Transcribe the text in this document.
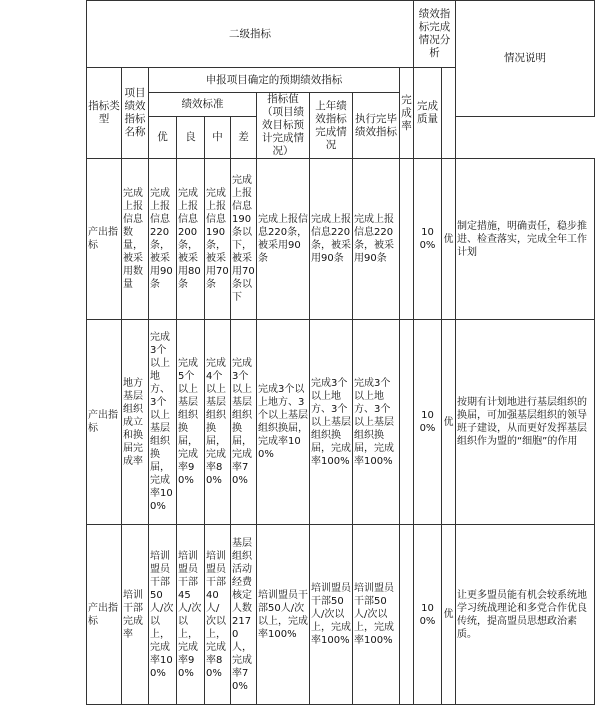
二级指标										绩效指标完成情况分析		情况说明
指标类型	项目绩效指标名称	申报项目确定的预期绩效指标							完成率	完成质量		
		绩效标准				指标值（项目绩效目标预计完成情况）	上年绩效指标完成情况	执行完毕绩效指标				
		优	良	中	差							
产出指标	完成上报信息数量，被采用数量	完成上报信息220条，被采用90条	完成上报信息200条，被采用80条	完成上报信息190条，被采用70条	完成上报信息190条以下，被采用70条以下	完成上报信息220条，被采用90条	完成上报信息220条，被采用90条	完成上报信息220条，被采用90条		100%	优	制定措施，明确责任，稳步推进、检查落实，完成全年工作计划
产出指标	地方基层组织成立和换届完成率	完成3个以上地方、3个以上基层组织换届，完成率100%	完成5个以上基层组织换届，完成率90%	完成4个以上基层组织换届，完成率80%	完成3个以上基层组织换届，完成率70%	完成3个以上地方、3个以上基层组织换届，完成率100%	完成3个以上地方、3个以上基层组织换届，完成率100%	完成3个以上地方、3个以上基层组织换届，完成率100%		100%	优	按期有计划地进行基层组织的换届，可加强基层组织的领导班子建设，从而更好发挥基层组织作为盟的“细胞”的作用
产出指标	培训干部完成率	培训盟员干部50人/次以上，完成率100%	培训盟员干部45人/次以上，完成率90%	培训盟员干部40人/次以上，完成率80%	基层组织活动经费核定人数2170人，完成率70%	培训盟员干部50人/次以上，完成率100%	培训盟员干部50人/次以上，完成率100%	培训盟员干部50人/次以上，完成率100%		100%	优	让更多盟员能有机会较系统地学习统战理论和多党合作优良传统，提高盟员思想政治素质。
